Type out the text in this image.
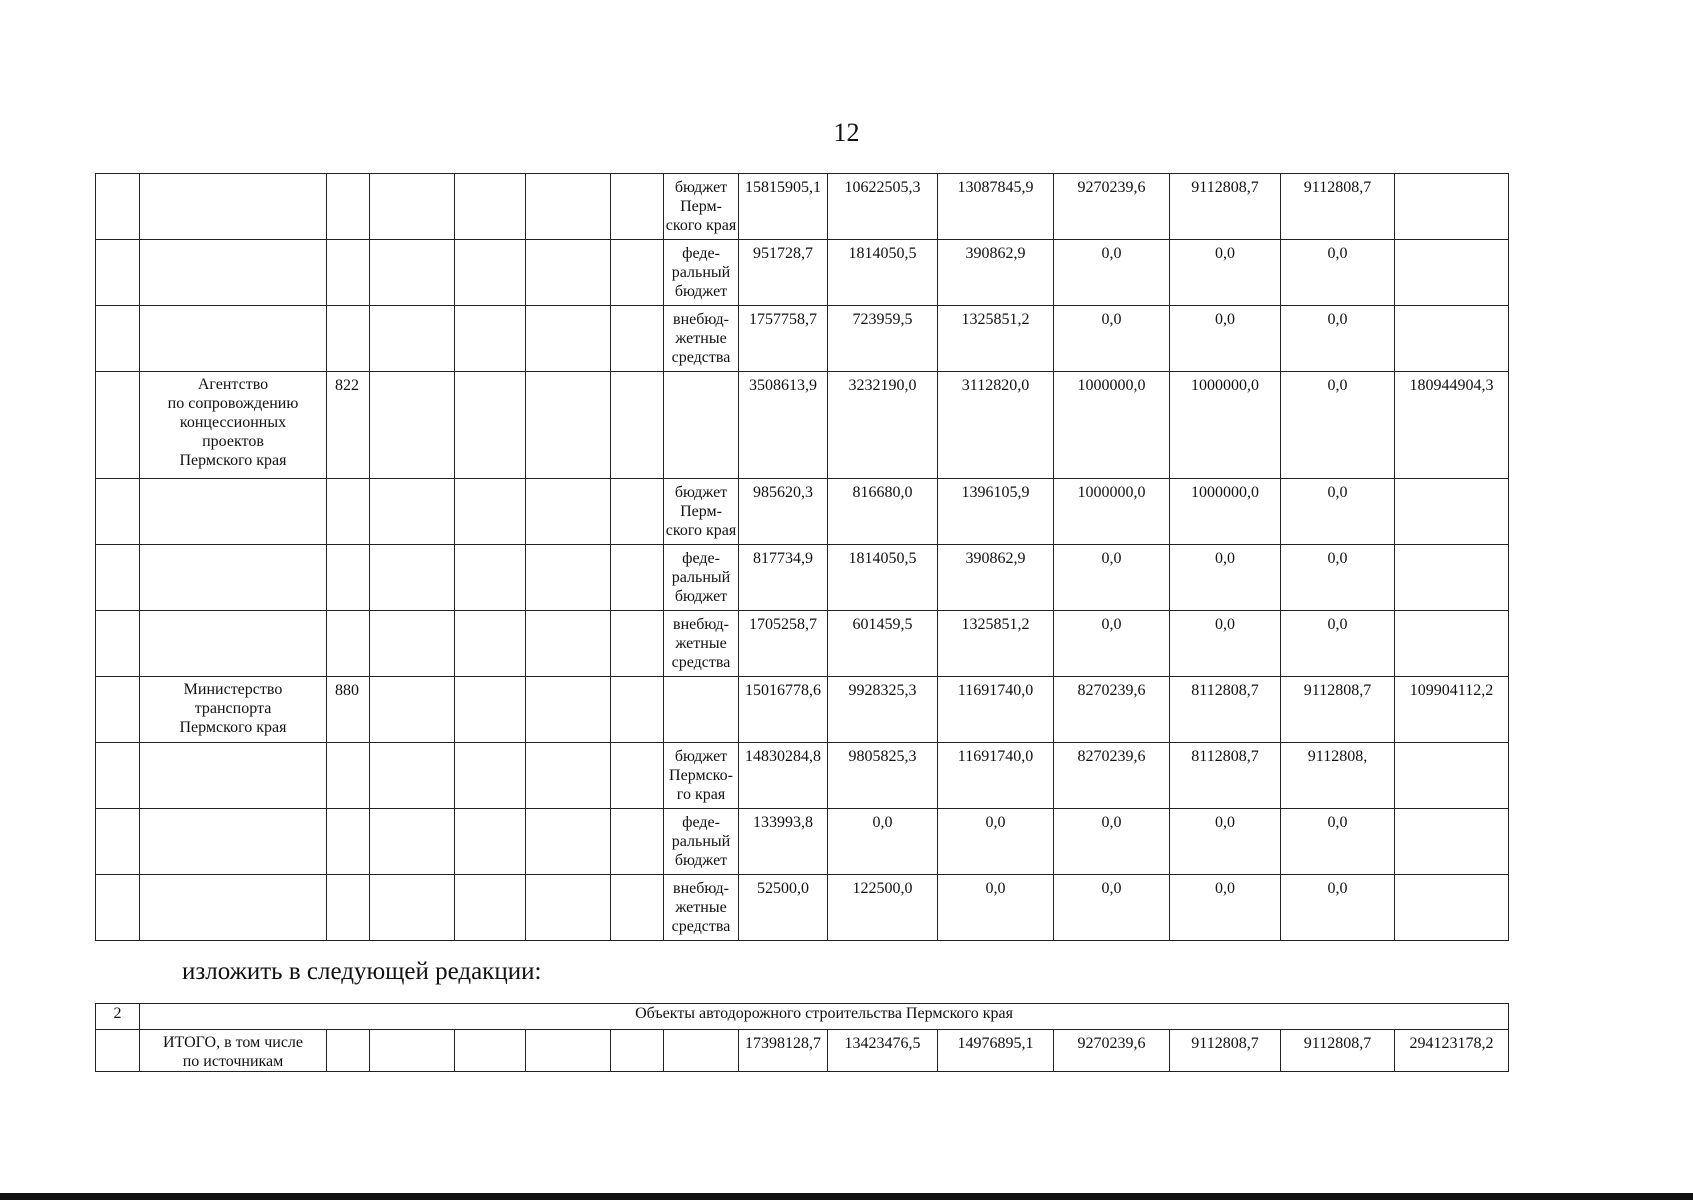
12
							бюджет
Перм-
ского края	15815905,1	10622505,3	13087845,9	9270239,6	9112808,7	9112808,7	
							феде-
ральный
бюджет	951728,7	1814050,5	390862,9	0,0	0,0	0,0	
							внебюд-
жетные
средства	1757758,7	723959,5	1325851,2	0,0	0,0	0,0	
	Агентство
по сопровождению
концессионных
проектов
Пермского края	822						3508613,9	3232190,0	3112820,0	1000000,0	1000000,0	0,0	180944904,3
							бюджет
Перм-
ского края	985620,3	816680,0	1396105,9	1000000,0	1000000,0	0,0	
							феде-
ральный
бюджет	817734,9	1814050,5	390862,9	0,0	0,0	0,0	
							внебюд-
жетные
средства	1705258,7	601459,5	1325851,2	0,0	0,0	0,0	
	Министерство
транспорта
Пермского края	880						15016778,6	9928325,3	11691740,0	8270239,6	8112808,7	9112808,7	109904112,2
							бюджет
Пермско-
го края	14830284,8	9805825,3	11691740,0	8270239,6	8112808,7	9112808,	
							феде-
ральный
бюджет	133993,8	0,0	0,0	0,0	0,0	0,0	
							внебюд-
жетные
средства	52500,0	122500,0	0,0	0,0	0,0	0,0	
изложить в следующей редакции:
2	Объекты автодорожного строительства Пермского края													
	ИТОГО, в том числе
по источникам							17398128,7	13423476,5	14976895,1	9270239,6	9112808,7	9112808,7	294123178,2
